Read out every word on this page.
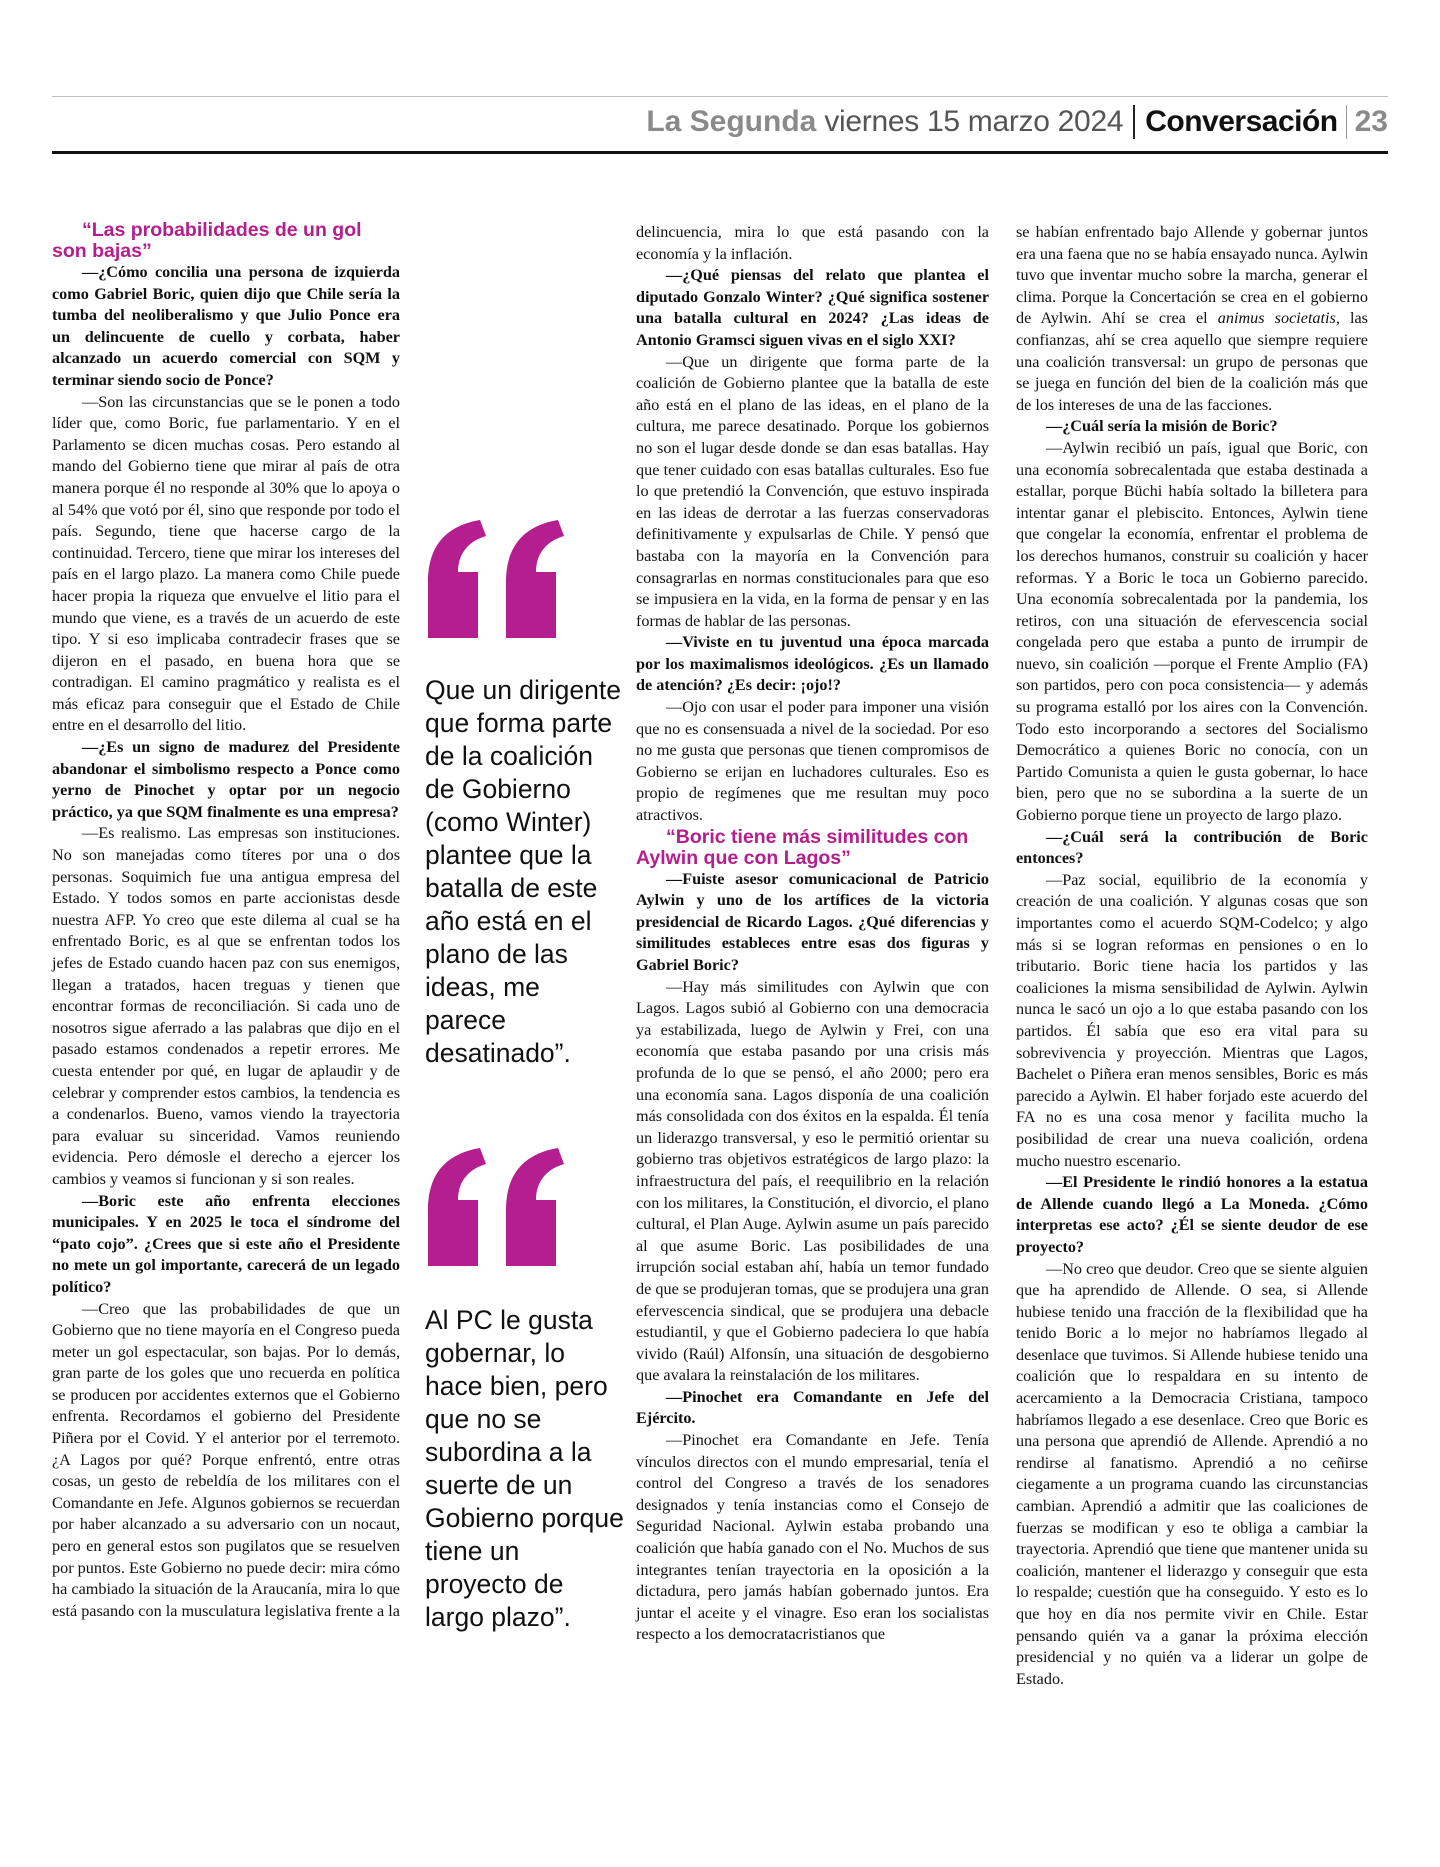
La Segunda viernes 15 marzo 2024 Conversación 23

“Las probabilidades de un gol son bajas”

—¿Cómo concilia una persona de izquierda como Gabriel Boric, quien dijo que Chile sería la tumba del neoliberalismo y que Julio Ponce era un delincuente de cuello y corbata, haber alcanzado un acuerdo comercial con SQM y terminar siendo socio de Ponce?

—Son las circunstancias que se le ponen a todo líder que, como Boric, fue parlamentario. Y en el Parlamento se dicen muchas cosas. Pero estando al mando del Gobierno tiene que mirar al país de otra manera porque él no responde al 30% que lo apoya o al 54% que votó por él, sino que responde por todo el país. Segundo, tiene que hacerse cargo de la continuidad. Tercero, tiene que mirar los intereses del país en el largo plazo. La manera como Chile puede hacer propia la riqueza que envuelve el litio para el mundo que viene, es a través de un acuerdo de este tipo. Y si eso implicaba contradecir frases que se dijeron en el pasado, en buena hora que se contradigan. El camino pragmático y realista es el más eficaz para conseguir que el Estado de Chile entre en el desarrollo del litio.

—¿Es un signo de madurez del Presidente abandonar el simbolismo respecto a Ponce como yerno de Pinochet y optar por un negocio práctico, ya que SQM finalmente es una empresa?

—Es realismo. Las empresas son instituciones. No son manejadas como títeres por una o dos personas. Soquimich fue una antigua empresa del Estado. Y todos somos en parte accionistas desde nuestra AFP. Yo creo que este dilema al cual se ha enfrentado Boric, es al que se enfrentan todos los jefes de Estado cuando hacen paz con sus enemigos, llegan a tratados, hacen treguas y tienen que encontrar formas de reconciliación. Si cada uno de nosotros sigue aferrado a las palabras que dijo en el pasado estamos condenados a repetir errores. Me cuesta entender por qué, en lugar de aplaudir y de celebrar y comprender estos cambios, la tendencia es a condenarlos. Bueno, vamos viendo la trayectoria para evaluar su sinceridad. Vamos reuniendo evidencia. Pero démosle el derecho a ejercer los cambios y veamos si funcionan y si son reales.

—Boric este año enfrenta elecciones municipales. Y en 2025 le toca el síndrome del “pato cojo”. ¿Crees que si este año el Presidente no mete un gol importante, carecerá de un legado político?

—Creo que las probabilidades de que un Gobierno que no tiene mayoría en el Congreso pueda meter un gol espectacular, son bajas. Por lo demás, gran parte de los goles que uno recuerda en política se producen por accidentes externos que el Gobierno enfrenta. Recordamos el gobierno del Presidente Piñera por el Covid. Y el anterior por el terremoto. ¿A Lagos por qué? Porque enfrentó, entre otras cosas, un gesto de rebeldía de los militares con el Comandante en Jefe. Algunos gobiernos se recuerdan por haber alcanzado a su adversario con un nocaut, pero en general estos son pugilatos que se resuelven por puntos. Este Gobierno no puede decir: mira cómo ha cambiado la situación de la Araucanía, mira lo que está pasando con la musculatura legislativa frente a la

Que un dirigente que forma parte de la coalición de Gobierno (como Winter) plantee que la batalla de este año está en el plano de las ideas, me parece desatinado”.
Al PC le gusta gobernar, lo hace bien, pero que no se subordina a la suerte de un Gobierno porque tiene un proyecto de largo plazo”.

delincuencia, mira lo que está pasando con la economía y la inflación.

—¿Qué piensas del relato que plantea el diputado Gonzalo Winter? ¿Qué significa sostener una batalla cultural en 2024? ¿Las ideas de Antonio Gramsci siguen vivas en el siglo XXI?

—Que un dirigente que forma parte de la coalición de Gobierno plantee que la batalla de este año está en el plano de las ideas, en el plano de la cultura, me parece desatinado. Porque los gobiernos no son el lugar desde donde se dan esas batallas. Hay que tener cuidado con esas batallas culturales. Eso fue lo que pretendió la Convención, que estuvo inspirada en las ideas de derrotar a las fuerzas conservadoras definitivamente y expulsarlas de Chile. Y pensó que bastaba con la mayoría en la Convención para consagrarlas en normas constitucionales para que eso se impusiera en la vida, en la forma de pensar y en las formas de hablar de las personas.

—Viviste en tu juventud una época marcada por los maximalismos ideológicos. ¿Es un llamado de atención? ¿Es decir: ¡ojo!?

—Ojo con usar el poder para imponer una visión que no es consensuada a nivel de la sociedad. Por eso no me gusta que personas que tienen compromisos de Gobierno se erijan en luchadores culturales. Eso es propio de regímenes que me resultan muy poco atractivos.

“Boric tiene más similitudes con Aylwin que con Lagos”

—Fuiste asesor comunicacional de Patricio Aylwin y uno de los artífices de la victoria presidencial de Ricardo Lagos. ¿Qué diferencias y similitudes estableces entre esas dos figuras y Gabriel Boric?

—Hay más similitudes con Aylwin que con Lagos. Lagos subió al Gobierno con una democracia ya estabilizada, luego de Aylwin y Frei, con una economía que estaba pasando por una crisis más profunda de lo que se pensó, el año 2000; pero era una economía sana. Lagos disponía de una coalición más consolidada con dos éxitos en la espalda. Él tenía un liderazgo transversal, y eso le permitió orientar su gobierno tras objetivos estratégicos de largo plazo: la infraestructura del país, el reequilibrio en la relación con los militares, la Constitución, el divorcio, el plano cultural, el Plan Auge. Aylwin asume un país parecido al que asume Boric. Las posibilidades de una irrupción social estaban ahí, había un temor fundado de que se produjeran tomas, que se produjera una gran efervescencia sindical, que se produjera una debacle estudiantil, y que el Gobierno padeciera lo que había vivido (Raúl) Alfonsín, una situación de desgobierno que avalara la reinstalación de los militares.

—Pinochet era Comandante en Jefe del Ejército.

—Pinochet era Comandante en Jefe. Tenía vínculos directos con el mundo empresarial, tenía el control del Congreso a través de los senadores designados y tenía instancias como el Consejo de Seguridad Nacional. Aylwin estaba probando una coalición que había ganado con el No. Muchos de sus integrantes tenían trayectoria en la oposición a la dictadura, pero jamás habían gobernado juntos. Era juntar el aceite y el vinagre. Eso eran los socialistas respecto a los democratacristianos que

se habían enfrentado bajo Allende y gobernar juntos era una faena que no se había ensayado nunca. Aylwin tuvo que inventar mucho sobre la marcha, generar el clima. Porque la Concertación se crea en el gobierno de Aylwin. Ahí se crea el animus societatis, las confianzas, ahí se crea aquello que siempre requiere una coalición transversal: un grupo de personas que se juega en función del bien de la coalición más que de los intereses de una de las facciones.

—¿Cuál sería la misión de Boric?

—Aylwin recibió un país, igual que Boric, con una economía sobrecalentada que estaba destinada a estallar, porque Büchi había soltado la billetera para intentar ganar el plebiscito. Entonces, Aylwin tiene que congelar la economía, enfrentar el problema de los derechos humanos, construir su coalición y hacer reformas. Y a Boric le toca un Gobierno parecido. Una economía sobrecalentada por la pandemia, los retiros, con una situación de efervescencia social congelada pero que estaba a punto de irrumpir de nuevo, sin coalición —porque el Frente Amplio (FA) son partidos, pero con poca consistencia— y además su programa estalló por los aires con la Convención. Todo esto incorporando a sectores del Socialismo Democrático a quienes Boric no conocía, con un Partido Comunista a quien le gusta gobernar, lo hace bien, pero que no se subordina a la suerte de un Gobierno porque tiene un proyecto de largo plazo.

—¿Cuál será la contribución de Boric entonces?

—Paz social, equilibrio de la economía y creación de una coalición. Y algunas cosas que son importantes como el acuerdo SQM-Codelco; y algo más si se logran reformas en pensiones o en lo tributario. Boric tiene hacia los partidos y las coaliciones la misma sensibilidad de Aylwin. Aylwin nunca le sacó un ojo a lo que estaba pasando con los partidos. Él sabía que eso era vital para su sobrevivencia y proyección. Mientras que Lagos, Bachelet o Piñera eran menos sensibles, Boric es más parecido a Aylwin. El haber forjado este acuerdo del FA no es una cosa menor y facilita mucho la posibilidad de crear una nueva coalición, ordena mucho nuestro escenario.

—El Presidente le rindió honores a la estatua de Allende cuando llegó a La Moneda. ¿Cómo interpretas ese acto? ¿Él se siente deudor de ese proyecto?

—No creo que deudor. Creo que se siente alguien que ha aprendido de Allende. O sea, si Allende hubiese tenido una fracción de la flexibilidad que ha tenido Boric a lo mejor no habríamos llegado al desenlace que tuvimos. Si Allende hubiese tenido una coalición que lo respaldara en su intento de acercamiento a la Democracia Cristiana, tampoco habríamos llegado a ese desenlace. Creo que Boric es una persona que aprendió de Allende. Aprendió a no rendirse al fanatismo. Aprendió a no ceñirse ciegamente a un programa cuando las circunstancias cambian. Aprendió a admitir que las coaliciones de fuerzas se modifican y eso te obliga a cambiar la trayectoria. Aprendió que tiene que mantener unida su coalición, mantener el liderazgo y conseguir que esta lo respalde; cuestión que ha conseguido. Y esto es lo que hoy en día nos permite vivir en Chile. Estar pensando quién va a ganar la próxima elección presidencial y no quién va a liderar un golpe de Estado.
